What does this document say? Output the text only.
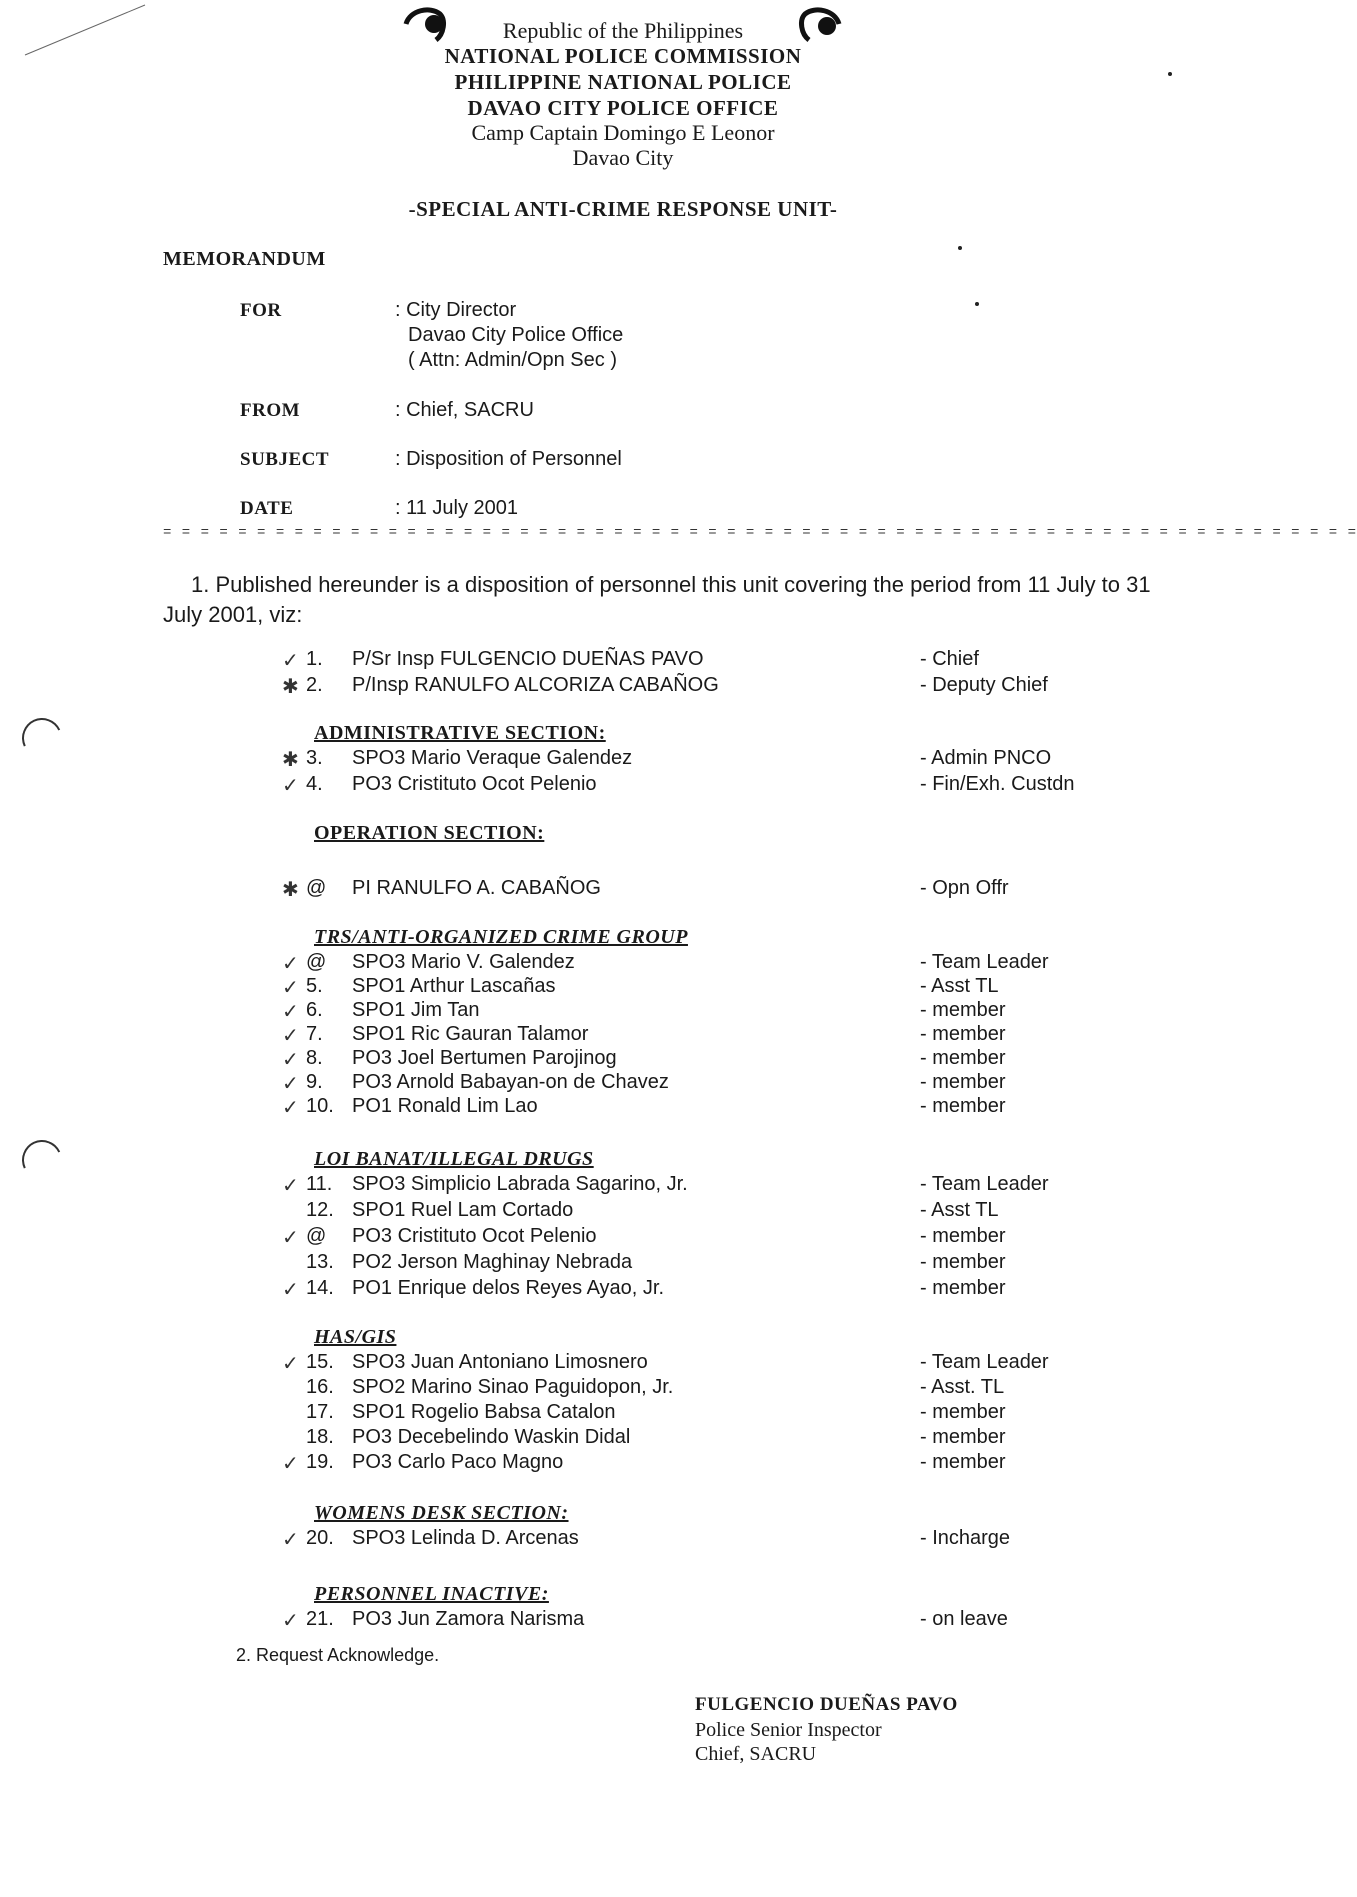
Republic of the Philippines
NATIONAL POLICE COMMISSION
PHILIPPINE NATIONAL POLICE
DAVAO CITY POLICE OFFICE
Camp Captain Domingo E Leonor
Davao City
-SPECIAL ANTI-CRIME RESPONSE UNIT-
MEMORANDUM
FOR	: City Director
Davao City Police Office
( Attn: Admin/Opn Sec )
FROM	: Chief, SACRU
SUBJECT	: Disposition of Personnel
DATE	: 11 July 2001
= = = = = = = = = = = = = = = = = = = = = = = = = = = = = = = = = = = = = = = = = = = = = = = = = = = = = = = = = = = = = = = =
1. Published hereunder is a disposition of personnel this unit covering the period from 11 July to 31 July 2001, viz:
✓ 1. P/Sr Insp FULGENCIO DUEÑAS PAVO	- Chief
✱ 2. P/Insp RANULFO ALCORIZA CABAÑOG	- Deputy Chief
ADMINISTRATIVE SECTION:
✱ 3. SPO3 Mario Veraque Galendez	- Admin PNCO
✓ 4. PO3 Cristituto Ocot Pelenio	- Fin/Exh. Custdn
OPERATION SECTION:
✱ @ PI RANULFO A. CABAÑOG	- Opn Offr
TRS/ANTI-ORGANIZED CRIME GROUP
✓ @ SPO3 Mario V. Galendez	- Team Leader
✓ 5. SPO1 Arthur Lascañas	- Asst TL
✓ 6. SPO1 Jim Tan	- member
✓ 7. SPO1 Ric Gauran Talamor	- member
✓ 8. PO3 Joel Bertumen Parojinog	- member
✓ 9. PO3 Arnold Babayan-on de Chavez	- member
✓ 10. PO1 Ronald Lim Lao	- member
LOI BANAT/ILLEGAL DRUGS
✓ 11. SPO3 Simplicio Labrada Sagarino, Jr.	- Team Leader
12. SPO1 Ruel Lam Cortado	- Asst TL
✓ @ PO3 Cristituto Ocot Pelenio	- member
13. PO2 Jerson Maghinay Nebrada	- member
✓ 14. PO1 Enrique delos Reyes Ayao, Jr.	- member
HAS/GIS
✓ 15. SPO3 Juan Antoniano Limosnero	- Team Leader
16. SPO2 Marino Sinao Paguidopon, Jr.	- Asst. TL
17. SPO1 Rogelio Babsa Catalon	- member
18. PO3 Decebelindo Waskin Didal	- member
✓ 19. PO3 Carlo Paco Magno	- member
WOMENS DESK SECTION:
✓ 20. SPO3 Lelinda D. Arcenas	- Incharge
PERSONNEL INACTIVE:
✓ 21. PO3 Jun Zamora Narisma	- on leave
2. Request Acknowledge.
FULGENCIO DUEÑAS PAVO
Police Senior Inspector
Chief, SACRU
